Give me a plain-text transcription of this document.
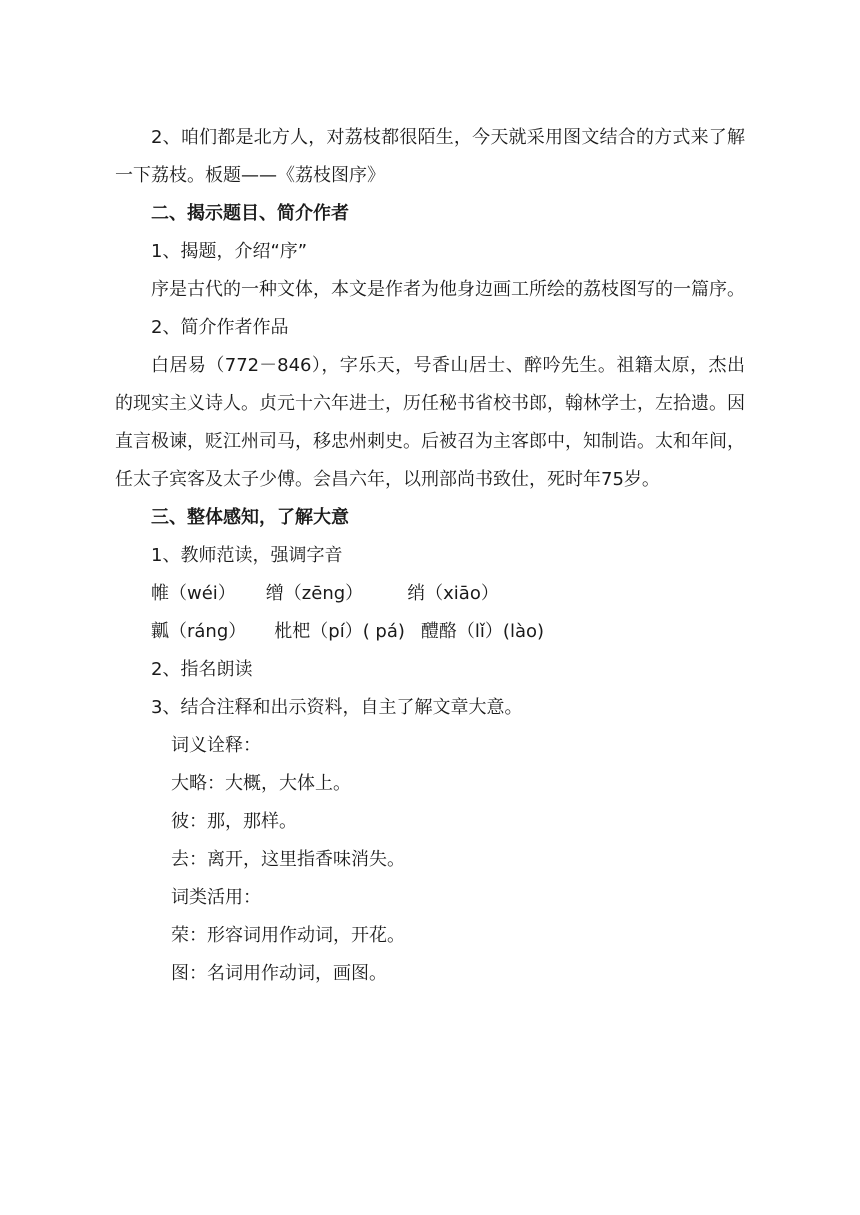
2、咱们都是北方人，对荔枝都很陌生，今天就采用图文结合的方式来了解一下荔枝。板题——《荔枝图序》

二、揭示题目、简介作者

1、揭题，介绍“序”

序是古代的一种文体，本文是作者为他身边画工所绘的荔枝图写的一篇序。

2、简介作者作品

白居易（772－846），字乐天，号香山居士、醉吟先生。祖籍太原，杰出的现实主义诗人。贞元十六年进士，历任秘书省校书郎，翰林学士，左拾遗。因直言极谏，贬江州司马，移忠州刺史。后被召为主客郎中，知制诰。太和年间，任太子宾客及太子少傅。会昌六年，以刑部尚书致仕，死时年75岁。

三、整体感知，了解大意

1、教师范读，强调字音

帷（wéi） 缯（zēng） 绡（xiāo）

瓤（ráng） 枇杷（pí）( pá) 醴酪（lǐ）(lào)

2、指名朗读

3、结合注释和出示资料，自主了解文章大意。

词义诠释：

大略：大概，大体上。

彼：那，那样。

去：离开，这里指香味消失。

词类活用：

荣：形容词用作动词，开花。

图：名词用作动词，画图。
